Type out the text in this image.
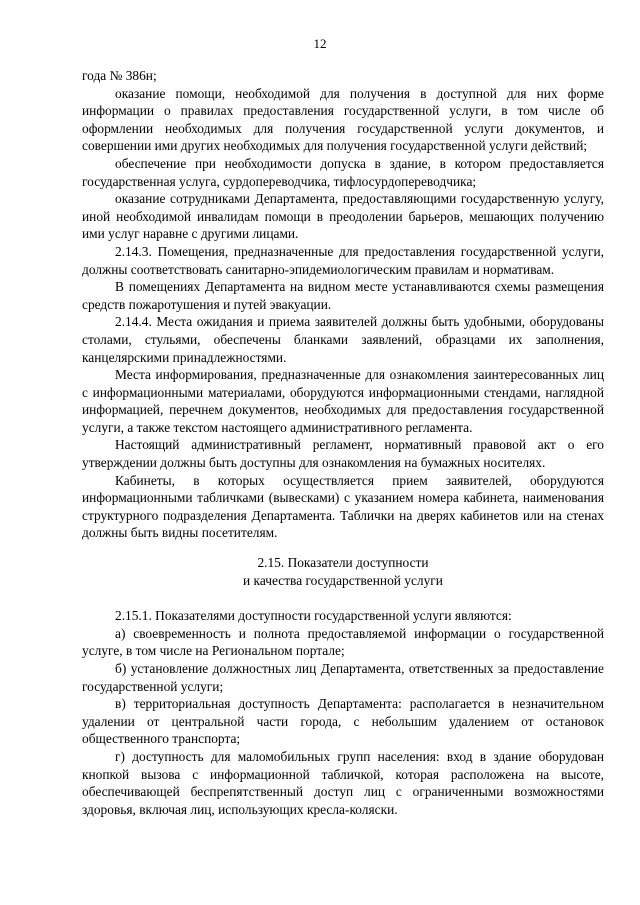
12

года № 386н;

оказание помощи, необходимой для получения в доступной для них форме информации о правилах предоставления государственной услуги, в том числе об оформлении необходимых для получения государственной услуги документов, и совершении ими других необходимых для получения государственной услуги действий;

обеспечение при необходимости допуска в здание, в котором предоставляется государственная услуга, сурдопереводчика, тифлосурдопереводчика;

оказание сотрудниками Департамента, предоставляющими государственную услугу, иной необходимой инвалидам помощи в преодолении барьеров, мешающих получению ими услуг наравне с другими лицами.

2.14.3. Помещения, предназначенные для предоставления государственной услуги, должны соответствовать санитарно-эпидемиологическим правилам и нормативам.

В помещениях Департамента на видном месте устанавливаются схемы размещения средств пожаротушения и путей эвакуации.

2.14.4. Места ожидания и приема заявителей должны быть удобными, оборудованы столами, стульями, обеспечены бланками заявлений, образцами их заполнения, канцелярскими принадлежностями.

Места информирования, предназначенные для ознакомления заинтересованных лиц с информационными материалами, оборудуются информационными стендами, наглядной информацией, перечнем документов, необходимых для предоставления государственной услуги, а также текстом настоящего административного регламента.

Настоящий административный регламент, нормативный правовой акт о его утверждении должны быть доступны для ознакомления на бумажных носителях.

Кабинеты, в которых осуществляется прием заявителей, оборудуются информационными табличками (вывесками) с указанием номера кабинета, наименования структурного подразделения Департамента. Таблички на дверях кабинетов или на стенах должны быть видны посетителям.

2.15. Показатели доступности
и качества государственной услуги

2.15.1. Показателями доступности государственной услуги являются:

а) своевременность и полнота предоставляемой информации о государственной услуге, в том числе на Региональном портале;

б) установление должностных лиц Департамента, ответственных за предоставление государственной услуги;

в) территориальная доступность Департамента: располагается в незначительном удалении от центральной части города, с небольшим удалением от остановок общественного транспорта;

г) доступность для маломобильных групп населения: вход в здание оборудован кнопкой вызова с информационной табличкой, которая расположена на высоте, обеспечивающей беспрепятственный доступ лиц с ограниченными возможностями здоровья, включая лиц, использующих кресла-коляски.
